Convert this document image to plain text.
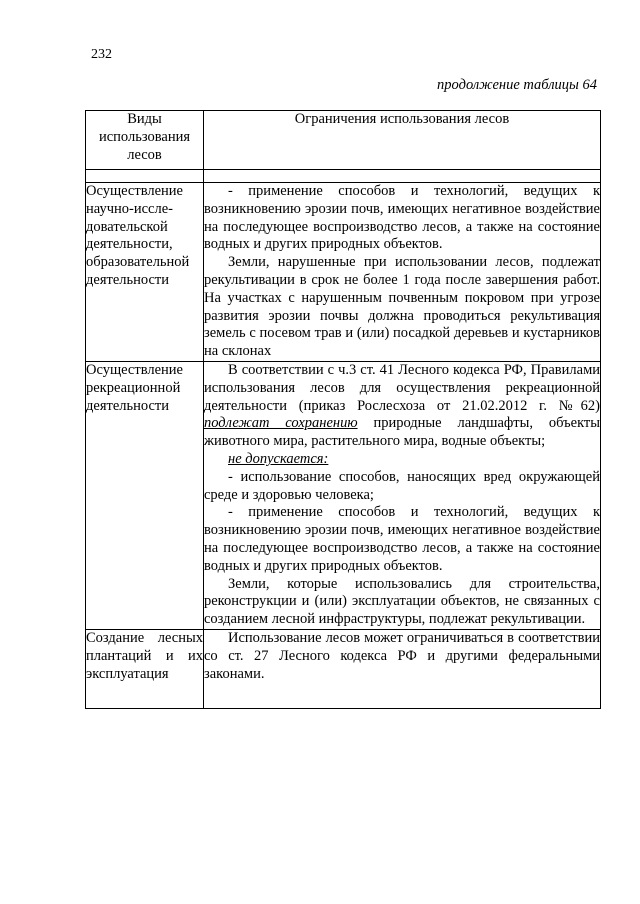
232
продолжение таблицы 64
Виды использования лесов	Ограничения использования лесов

Осуществление научно-иссле-довательской деятельности, образовательной деятельности	- применение способов и технологий, ведущих к возникновению эрозии почв, имеющих негативное воздействие на последующее воспроизводство лесов, а также на состояние водных и других природных объектов.
Земли, нарушенные при использовании лесов, подлежат рекультивации в срок не более 1 года после завершения работ. На участках с нарушенным почвенным покровом при угрозе развития эрозии почвы должна проводиться рекультивация земель с посевом трав и (или) посадкой деревьев и кустарников на склонах

Осуществление рекреационной деятельности	В соответствии с ч.3 ст. 41 Лесного кодекса РФ, Правилами использования лесов для осуществления рекреационной деятельности (приказ Рослесхоза от 21.02.2012 г. №62) подлежат сохранению природные ландшафты, объекты животного мира, растительного мира, водные объекты;
не допускается:
- использование способов, наносящих вред окружающей среде и здоровью человека;
- применение способов и технологий, ведущих к возникновению эрозии почв, имеющих негативное воздействие на последующее воспроизводство лесов, а также на состояние водных и других природных объектов.
Земли, которые использовались для строительства, реконструкции и (или) эксплуатации объектов, не связанных с созданием лесной инфраструктуры, подлежат рекультивации.

Создание лесных плантаций и их эксплуатация	Использование лесов может ограничиваться в соответствии со ст. 27 Лесного кодекса РФ и другими федеральными законами.
